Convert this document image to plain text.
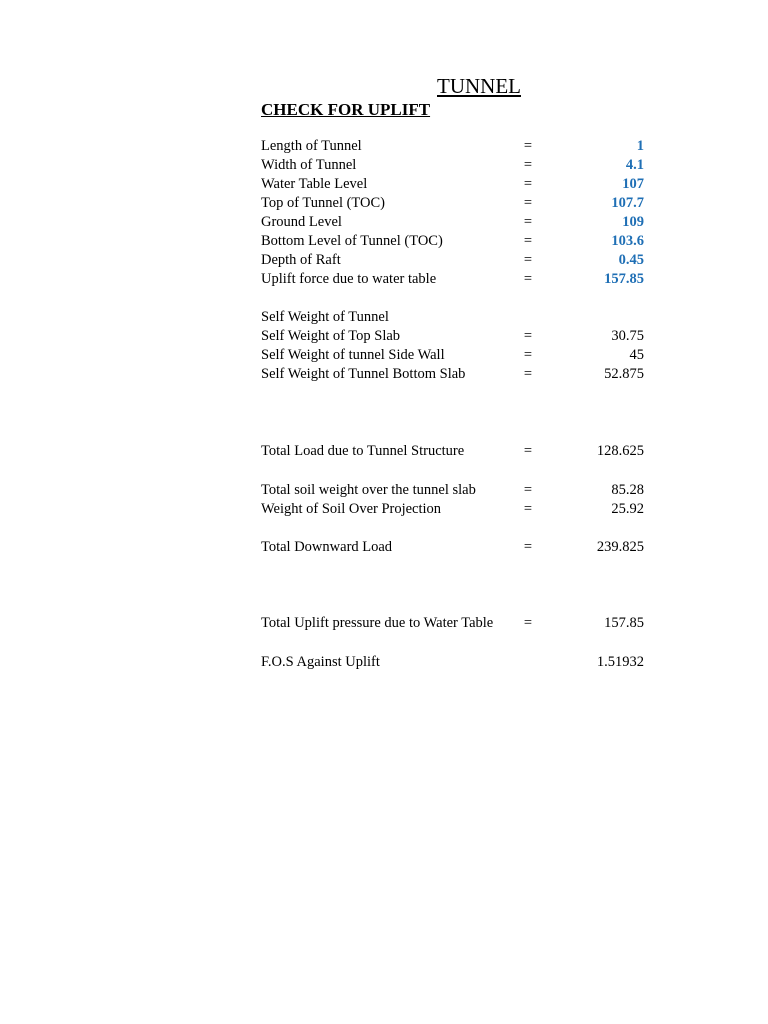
TUNNEL
CHECK FOR UPLIFT
Length of Tunnel	=	1
Width of Tunnel	=	4.1
Water Table Level	=	107
Top of Tunnel (TOC)	=	107.7
Ground Level	=	109
Bottom Level of Tunnel (TOC)	=	103.6
Depth of Raft	=	0.45
Uplift force due to water table	=	157.85
Self Weight of Tunnel
Self Weight of Top Slab	=	30.75
Self Weight of tunnel Side Wall	=	45
Self Weight of Tunnel Bottom Slab	=	52.875
Total Load due to Tunnel Structure	=	128.625
Total soil weight over the tunnel slab	=	85.28
Weight of Soil Over Projection	=	25.92
Total Downward Load	=	239.825
Total Uplift pressure due to Water Table =	157.85
F.O.S Against Uplift	1.51932
